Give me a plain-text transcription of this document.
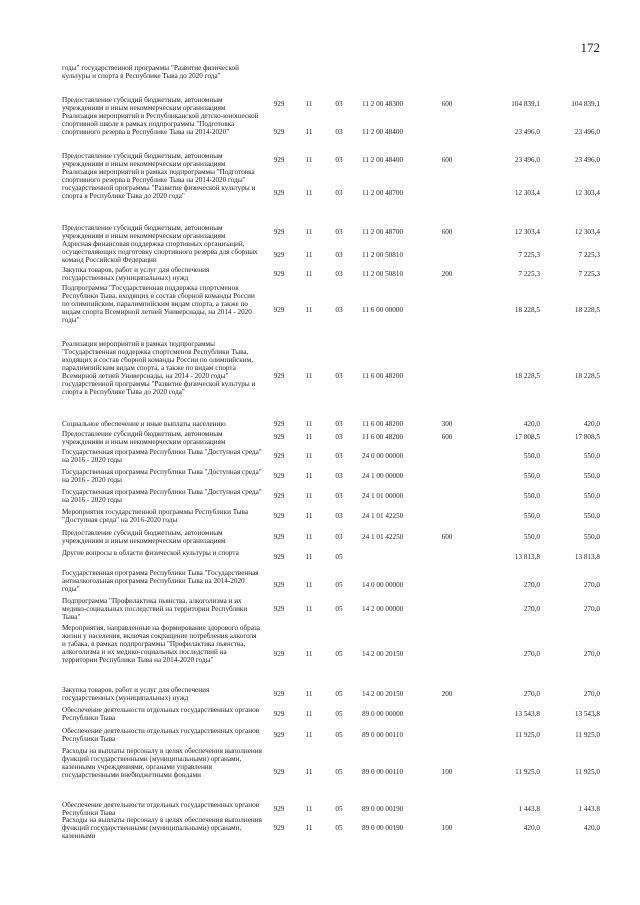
172
годы" государственной программы "Развитие физической культуры и спорта в Республике Тыва до 2020 года"
Предоставление субсидий бюджетным, автономным учреждениям и иным некоммерческим организациям	929	11	03	11 2 00 48300	600	104 839,1	104 839,1
Реализация мероприятий в Республиканской детско-юношеской спортивной школе в рамках подпрограммы "Подготовка спортивного резерва в Республике Тыва на 2014-2020"	929	11	03	11 2 00 48400	23 496,0	23 496,0
Предоставление субсидий бюджетным, автономным учреждениям и иным некоммерческим организациям	929	11	03	11 2 00 48400	600	23 496,0	23 496,0
Реализация мероприятий в рамках подпрограммы "Подготовка спортивного резерва в Республике Тыва на 2014-2020 годы" государственной программы "Развитие физической культуры и спорта в Республике Тыва до 2020 года"	929	11	03	11 2 00 48700	12 303,4	12 303,4
Предоставление субсидий бюджетным, автономным учреждениям и иным некоммерческим организациям	929	11	03	11 2 00 48700	600	12 303,4	12 303,4
Адресная финансовая поддержка спортивных организаций, осуществляющих подготовку спортивного резерва для сборных команд Российской Федерации
929	11	03	11 2 00 50810	7 225,3	7 225,3
Закупка товаров, работ и услуг для обеспечения государственных (муниципальных) нужд	929	11	03	11 2 00 50810	200	7 225,3	7 225,3
Подпрограмма "Государственная поддержка спортсменов Республики Тыва, входящих в состав сборной команды России по олимпийским, паралимпийским видам спорта, а также по видам спорта Всемирной летней Универсиады, на 2014 - 2020 годы"
929	11	03	11 6 00 00000	18 228,5	18 228,5
Реализация мероприятий в рамках подпрограммы "Государственная поддержка спортсменов Республики Тыва, входящих в состав сборной команды России по олимпийским, паралимпийским видам спорта, а также по видам спорта Всемирной летней Универсиады, на 2014 - 2020 годы" государственной программы "Развитие физической культуры и спорта в Республике Тыва до 2020 года"
929	11	03	11 6 00 48200	18 228,5	18 228,5
Социальное обеспечение и иные выплаты населению	929	11	03	11 6 00 48200	300	420,0	420,0
Предоставление субсидий бюджетным, автономным учреждениям и иным некоммерческим организациям
929	11	03	11 6 00 48200	600	17 808,5	17 808,5
Государственная программа Республики Тыва "Доступная среда" на 2016 - 2020 годы	929	11	03	24 0 00 00000	550,0	550,0
Государственная программа Республики Тыва "Доступная среда" на 2016 - 2020 годы	929	11	03	24 1 00 00000	550,0	550,0
Государственная программа Республики Тыва "Доступная среда" на 2016 - 2020 годы	929	11	03	24 1 01 00000	550,0	550,0
Мероприятия государственной программы Республики Тыва "Доступная среда" на 2016-2020 годы	929	11	03	24 1 01 42250	550,0	550,0
Предоставление субсидий бюджетным, автономным учреждениям и иным некоммерческим организациям	929	11	03	24 1 01 42250	600	550,0	550,0
Другие вопросы в области физической культуры и спорта	929	11	05	13 813,8	13 813,8
Государственная программа Республики Тыва "Государственная антиалкогольная программа Республики Тыва на 2014-2020 годы"	929	11	05	14 0 00 00000	270,0	270,0
Подпрограмма "Профилактика пьянства, алкоголизма и их медико-социальных последствий на территории Республики Тыва"
929	11	05	14 2 00 00000	270,0	270,0
Мероприятия, направленные на формирование здорового образа жизни у населения, включая сокращение потребления алкоголя и табака, в рамках подпрограммы "Профилактика пьянства, алкоголизма и их медико-социальных последствий на территории Республики Тыва на 2014-2020 годы"
929	11	05	14 2 00 20150	270,0	270,0
Закупка товаров, работ и услуг для обеспечения государственных (муниципальных) нужд	929	11	05	14 2 00 20150	200	270,0	270,0
Обеспечение деятельности отдельных государственных органов Республики Тыва	929	11	05	89 0 00 00000	13 543,8	13 543,8
Обеспечение деятельности отдельных государственных органов Республики Тыва	929	11	05	89 0 00 00110	11 925,0	11 925,0
Расходы на выплаты персоналу в целях обеспечения выполнения функций государственными (муниципальными) органами, казенными учреждениями, органами управления государственными внебюджетными фондами	929	11	05	89 0 00 00110	100	11 925,0	11 925,0
Обеспечение деятельности отдельных государственных органов Республики Тыва	929	11	05	89 0 00 00190	1 443,8	1 443,8
Расходы на выплаты персоналу в целях обеспечения выполнения функций государственными (муниципальными) органами, казенными
929	11	05	89 0 00 00190	100	420,0	420,0
